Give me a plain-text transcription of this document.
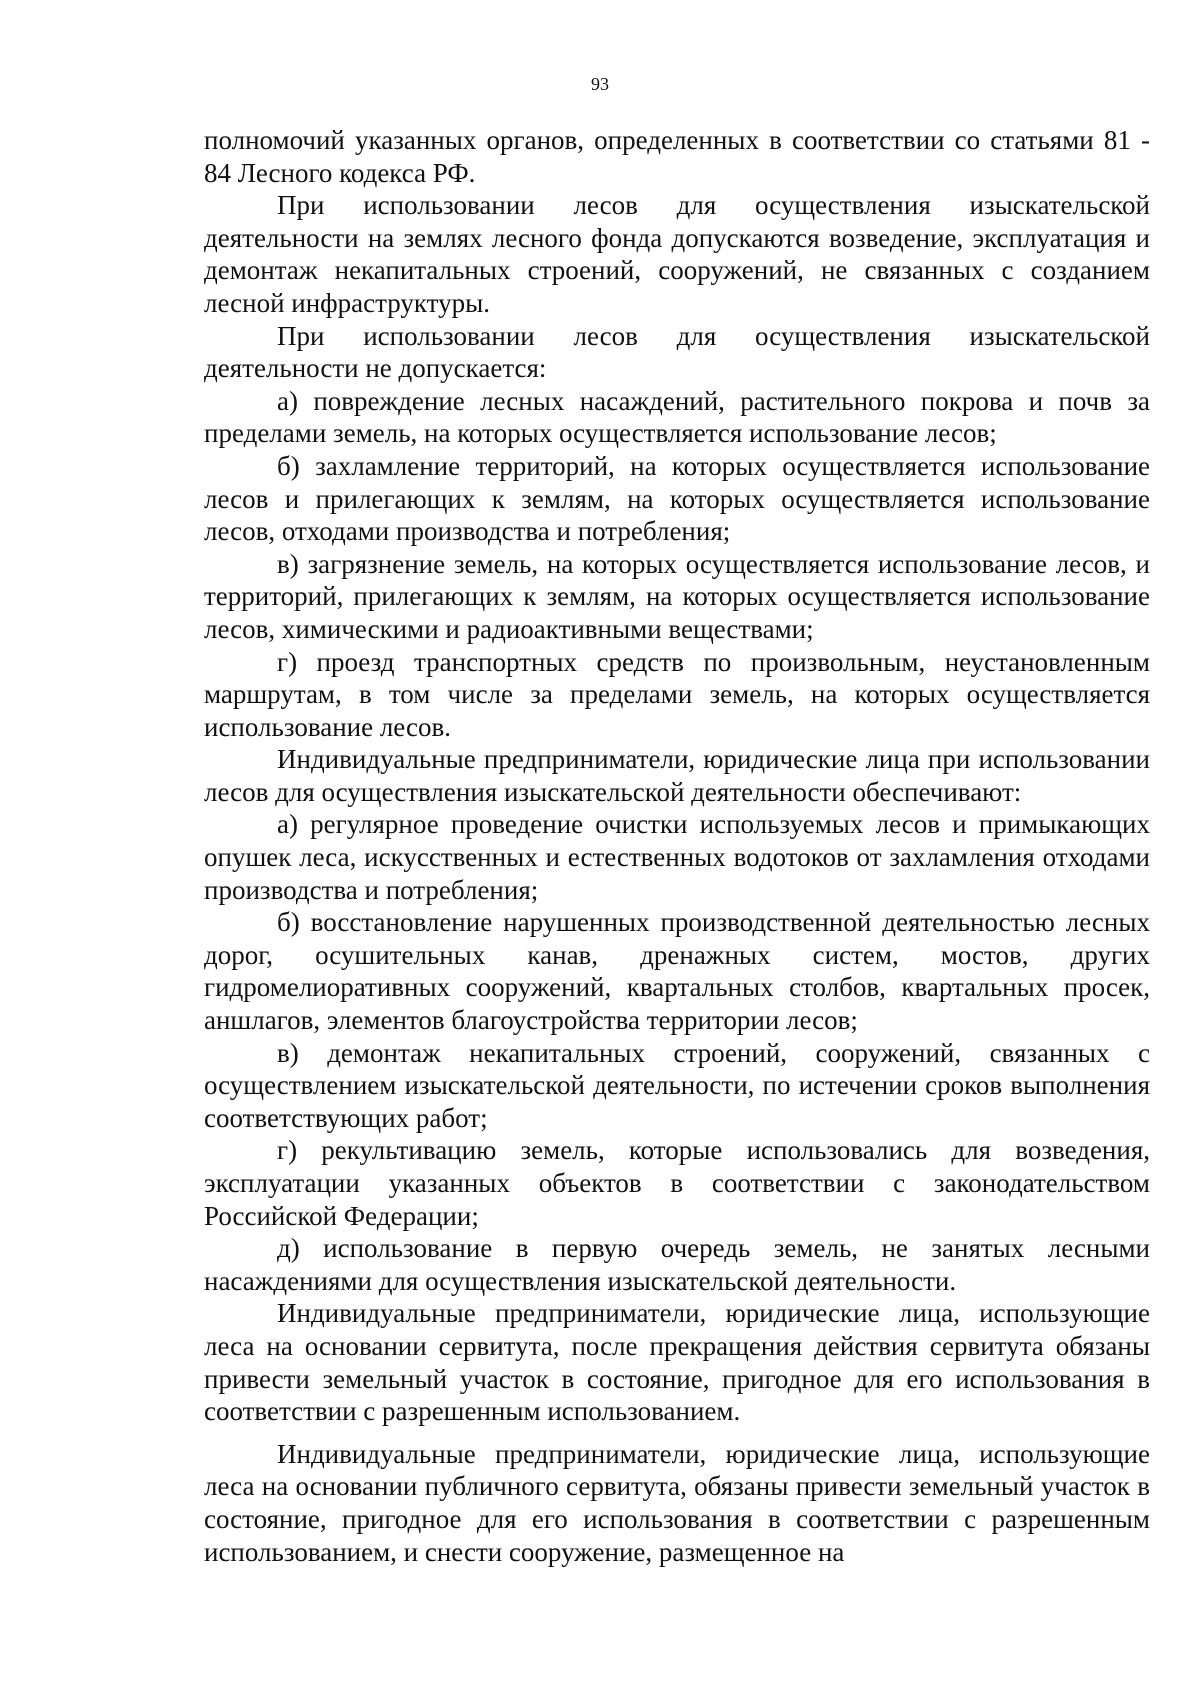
93

полномочий указанных органов, определенных в соответствии со статьями 81 - 84 Лесного кодекса РФ.

При использовании лесов для осуществления изыскательской деятельности на землях лесного фонда допускаются возведение, эксплуатация и демонтаж некапитальных строений, сооружений, не связанных с созданием лесной инфраструктуры.

При использовании лесов для осуществления изыскательской деятельности не допускается:

а) повреждение лесных насаждений, растительного покрова и почв за пределами земель, на которых осуществляется использование лесов;

б) захламление территорий, на которых осуществляется использование лесов и прилегающих к землям, на которых осуществляется использование лесов, отходами производства и потребления;

в) загрязнение земель, на которых осуществляется использование лесов, и территорий, прилегающих к землям, на которых осуществляется использование лесов, химическими и радиоактивными веществами;

г) проезд транспортных средств по произвольным, неустановленным маршрутам, в том числе за пределами земель, на которых осуществляется использование лесов.

Индивидуальные предприниматели, юридические лица при использовании лесов для осуществления изыскательской деятельности обеспечивают:

а) регулярное проведение очистки используемых лесов и примыкающих опушек леса, искусственных и естественных водотоков от захламления отходами производства и потребления;

б) восстановление нарушенных производственной деятельностью лесных дорог, осушительных канав, дренажных систем, мостов, других гидромелиоративных сооружений, квартальных столбов, квартальных просек, аншлагов, элементов благоустройства территории лесов;

в) демонтаж некапитальных строений, сооружений, связанных с осуществлением изыскательской деятельности, по истечении сроков выполнения соответствующих работ;

г) рекультивацию земель, которые использовались для возведения, эксплуатации указанных объектов в соответствии с законодательством Российской Федерации;

д) использование в первую очередь земель, не занятых лесными насаждениями для осуществления изыскательской деятельности.

Индивидуальные предприниматели, юридические лица, использующие леса на основании сервитута, после прекращения действия сервитута обязаны привести земельный участок в состояние, пригодное для его использования в соответствии с разрешенным использованием.

Индивидуальные предприниматели, юридические лица, использующие леса на основании публичного сервитута, обязаны привести земельный участок в состояние, пригодное для его использования в соответствии с разрешенным использованием, и снести сооружение, размещенное на
